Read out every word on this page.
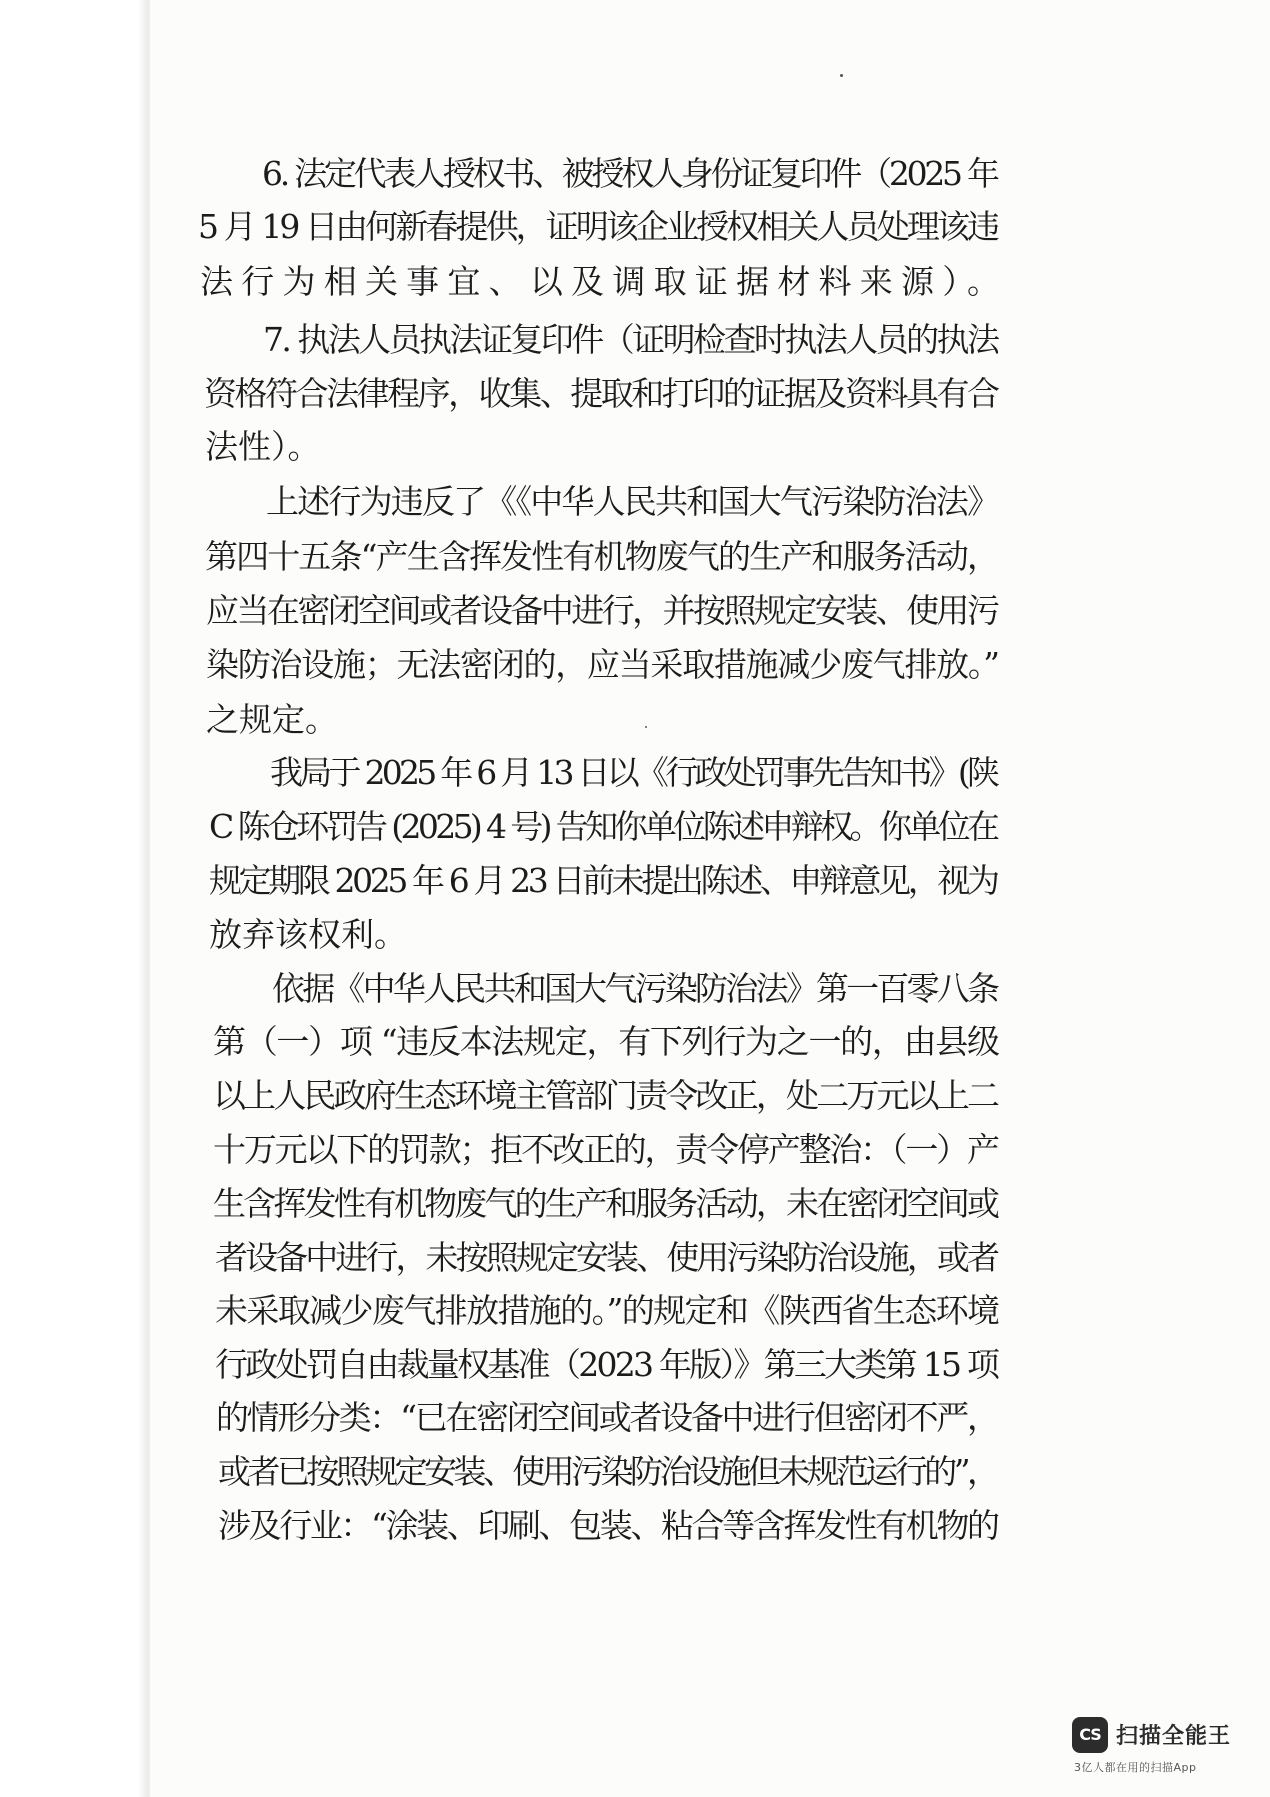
6. 法定代表人授权书、被授权人身份证复印件（2025 年
5 月 19 日由何新春提供，证明该企业授权相关人员处理该违
法行为相关事宜、以及调取证据材料来源）。
7. 执法人员执法证复印件（证明检查时执法人员的执法
资格符合法律程序，收集、提取和打印的证据及资料具有合
法性）。
上述行为违反了《《中华人民共和国大气污染防治法》
第四十五条“产生含挥发性有机物废气的生产和服务活动，
应当在密闭空间或者设备中进行，并按照规定安装、使用污
染防治设施；无法密闭的，应当采取措施减少废气排放。”
之规定。
我局于 2025 年 6 月 13 日以《行政处罚事先告知书》(陕
C 陈仓环罚告 (2025) 4 号) 告知你单位陈述申辩权。你单位在
规定期限 2025 年 6 月 23 日前未提出陈述、申辩意见，视为
放弃该权利。
依据《中华人民共和国大气污染防治法》第一百零八条
第（一）项 “违反本法规定，有下列行为之一的，由县级
以上人民政府生态环境主管部门责令改正，处二万元以上二
十万元以下的罚款；拒不改正的，责令停产整治：（一）产
生含挥发性有机物废气的生产和服务活动，未在密闭空间或
者设备中进行，未按照规定安装、使用污染防治设施，或者
未采取减少废气排放措施的。”的规定和《陕西省生态环境
行政处罚自由裁量权基准（2023 年版）》第三大类第 15 项
的情形分类：“已在密闭空间或者设备中进行但密闭不严，
或者已按照规定安装、使用污染防治设施但未规范运行的”，
涉及行业：“涂装、印刷、包装、粘合等含挥发性有机物的
CS 扫描全能王
3亿人都在用的扫描App
